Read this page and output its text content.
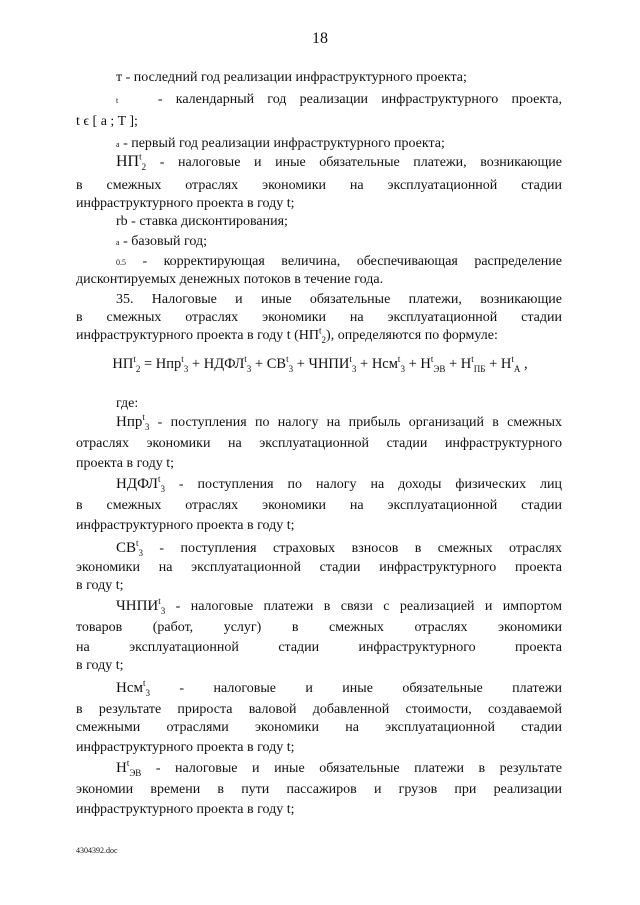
18
т - последний год реализации инфраструктурного проекта;
t	- календарный год реализации инфраструктурного проекта,
t ϵ [ a ; T ];
a - первый год реализации инфраструктурного проекта;
$НП^t_2$ - налоговые и иные обязательные платежи, возникающие
в смежных отраслях экономики на эксплуатационной стадии
инфраструктурного проекта в году t;
rb - ставка дисконтирования;
a - базовый год;
0.5 - корректирующая величина, обеспечивающая распределение
дисконтируемых денежных потоков в течение года.
35. Налоговые и иные обязательные платежи, возникающие
в смежных отраслях экономики на эксплуатационной стадии
инфраструктурного проекта в году t $(НП^t_2)$, определяются по формуле:
$НП^t_2 = Нпр^t_3$ + $НДФЛ^t_3 + СВ^t_3$ + $ЧНПИ^t_3 + Нсм^t_3 + Н^t_{ЭВ} + Н^t_{ПБ} + Н^t_А$ ,
где:
Нпр$^t_3$ - поступления по налогу на прибыль организаций в смежных
отраслях экономики на эксплуатационной стадии инфраструктурного
проекта в году t;
$НДФЛ^t_3$ - поступления по налогу на доходы физических лиц
в смежных отраслях экономики на эксплуатационной стадии
инфраструктурного проекта в году t;
$СВ^t_3$ - поступления страховых взносов в смежных отраслях
экономики на эксплуатационной стадии инфраструктурного проекта
в году t;
$ЧНПИ^t_3$ - налоговые платежи в связи с реализацией и импортом
товаров (работ, услуг) в смежных отраслях экономики
на эксплуатационной стадии инфраструктурного проекта
в году t;
Нсм$^t_3$ - налоговые и иные обязательные платежи
в результате прироста валовой добавленной стоимости, создаваемой
смежными отраслями экономики на эксплуатационной стадии
инфраструктурного проекта в году t;
$Н^t_{ЭВ}$ - налоговые и иные обязательные платежи в результате
экономии времени в пути пассажиров и грузов при реализации
инфраструктурного проекта в году t;
4304392.doc
